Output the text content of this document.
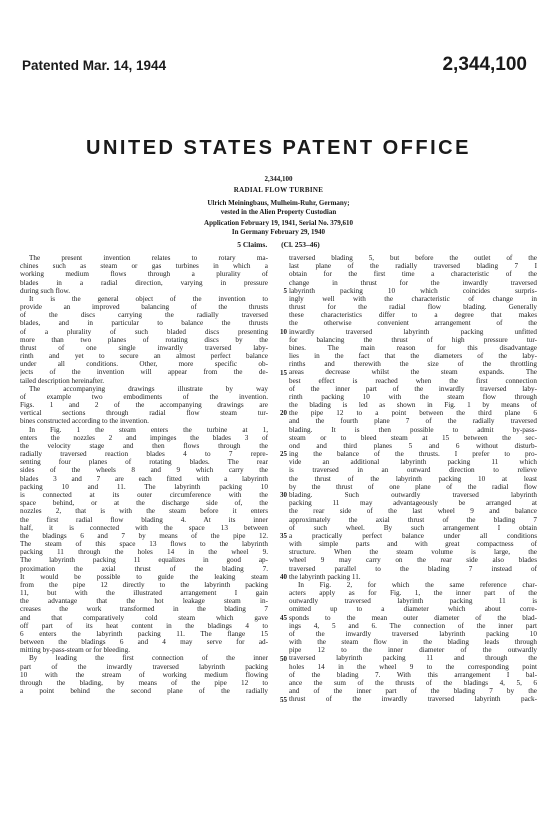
Patented Mar. 14, 1944	2,344,100
UNITED STATES PATENT OFFICE
2,344,100
RADIAL FLOW TURBINE
Ulrich Meiningbaus, Mulheim-Ruhr, Germany;
vested in the Alien Property Custodian
Application February 19, 1941, Serial No. 379,610
In Germany February 29, 1940
5 Claims. (Cl. 253–46)
The present invention relates to rotary ma-
chines such as steam or gas turbines in which a
working medium flows through a plurality of
blades in a radial direction, varying in pressure
during such flow.
It is the general object of the invention to
provide an improved balancing of the thrusts
of the discs carrying the radially traversed
blades, and in particular to balance the thrusts
of a plurality of such bladed discs presenting
more than two planes of rotating discs by the
thrust of one single inwardly traversed laby-
rinth and yet to secure an almost perfect balance
under all conditions. Other, more specific ob-
jects of the invention will appear from the de-
tailed description hereinafter.
The accompanying drawings illustrate by way
of example two embodiments of the invention.
Figs. 1 and 2 of the accompanying drawings are
vertical sections through radial flow steam tur-
bines constructed according to the invention.
In Fig. 1 the steam enters the turbine at 1,
enters the nozzles 2 and impinges the blades 3 of
the velocity stage and then flows through the
radially traversed reaction blades 4 to 7 repre-
senting four planes of rotating blades. The rear
sides of the wheels 8 and 9 which carry the
blades 3 and 7 are each fitted with a labyrinth
packing 10 and 11. The labyrinth packing 10
is connected at its outer circumference with the
space behind, or at the discharge side of, the
nozzles 2, that is with the steam before it enters
the first radial flow blading 4. At its inner
half, it is connected with the space 13 between
the bladings 6 and 7 by means of the pipe 12.
The steam of this space 13 flows to the labyrinth
packing 11 through the holes 14 in the wheel 9.
The labyrinth packing 11 equalizes in good ap-
proximation the axial thrust of the blading 7.
It would be possible to guide the leaking steam
from the pipe 12 directly to the labyrinth packing
11, but with the illustrated arrangement I gain
the advantage that the hot leakage steam in-
creases the work transformed in the blading 7
and that comparatively cold steam which gave
off part of its heat content in the bladings 4 to
6 enters the labyrinth packing 11. The flange 15
between the bladings 6 and 4 may serve for ad-
mitting by-pass-steam or for bleeding.
By leading the first connection of the inner
part of the inwardly traversed labyrinth packing
10 with the stream of working medium flowing
through the blading, by means of the pipe 12 to
a point behind the second plane of the radially
traversed blading 5, but before the outlet of the
last plane of the radially traversed blading 7 I
obtain for the first time a characteristic of the
change in thrust for the inwardly traversed
labyrinth packing 10 which coincides surpris-
ingly well with the characteristic of change in
thrust for the radial flow blading. Generally
these characteristics differ to a degree that makes
the otherwise convenient arrangement of the
inwardly traversed labyrinth packing unfitted
for balancing the thrust of high pressure tur-
bines. The main reason for this disadvantage
lies in the fact that the diameters of the laby-
rinths and therewith the size of the throttling
areas decrease whilst the steam expands. The
best effect is reached when the first connection
of the inner part of the inwardly traversed laby-
rinth packing 10 with the steam flow through
the blading is led as shown in Fig. 1 by means of
the pipe 12 to a point between the third plane 6
and the fourth plane 7 of the radially traversed
blading. It is then possible to admit by-pass-
steam or to bleed steam at 15 between the sec-
ond and third planes 5 and 6 without disturb-
ing the balance of the thrusts. I prefer to pro-
vide an additional labyrinth packing 11 which
is traversed in an outward direction to relieve
the thrust of the labyrinth packing 10 at least
by the thrust of one plane of the radial flow
blading. Such outwardly traversed labyrinth
packing 11 may advantageously be arranged at
the rear side of the last wheel 9 and balance
approximately the axial thrust of the blading 7
of such wheel. By such arrangement I obtain
a practically perfect balance under all conditions
with simple parts and with great compactness of
structure. When the steam volume is large, the
wheel 9 may carry on the rear side also blades
traversed parallel to the blading 7 instead of
the labyrinth packing 11.
In Fig. 2, for which the same reference char-
acters apply as for Fig. 1, the inner part of the
outwardly traversed labyrinth packing 11 is
omitted up to a diameter which about corre-
sponds to the mean outer diameter of the blad-
ings 4, 5 and 6. The connection of the inner part
of the inwardly traversed labyrinth packing 10
with the steam flow in the blading leads through
pipe 12 to the inner diameter of the outwardly
traversed labyrinth packing 11 and through the
holes 14 in the wheel 9 to the corresponding point
of the blading 7. With this arrangement I bal-
ance the sum of the thrusts of the bladings 4, 5, 6
and of the inner part of the blading 7 by the
thrust of the inwardly traversed labyrinth pack-
5
10
15
20
25
30
35
40
45
50
55
